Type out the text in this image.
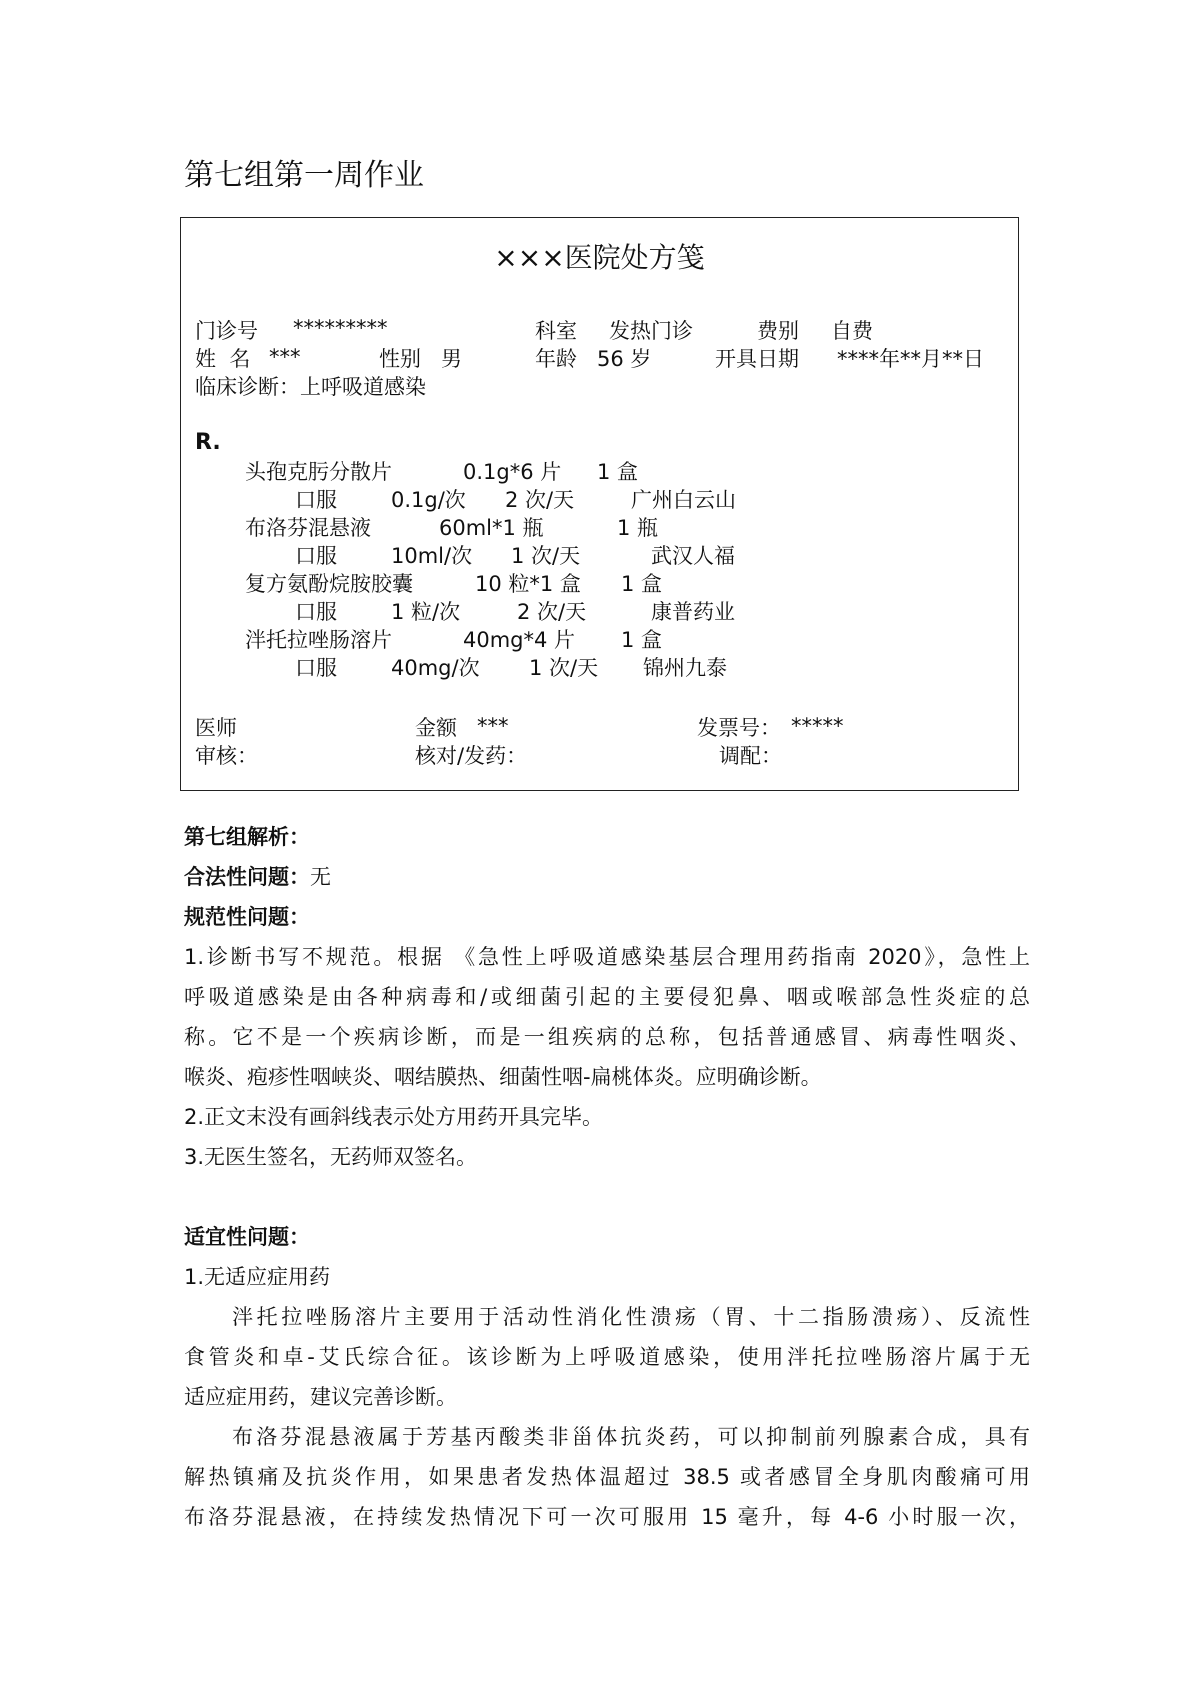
第七组第一周作业
×××医院处方笺
门诊号 *********	科室 发热门诊	费别 自费
姓  名 ***	性别 男	年龄 56 岁	开具日期 ****年**月**日
临床诊断：上呼吸道感染
R.
头孢克肟分散片	0.1g*6 片 1 盒
口服	0.1g/次 2 次/天	广州白云山
布洛芬混悬液	60ml*1 瓶	1 瓶
口服	10ml/次 1 次/天	武汉人福
复方氨酚烷胺胶囊	10 粒*1 盒 1 盒
口服	1 粒/次	2 次/天	康普药业
泮托拉唑肠溶片	40mg*4 片 1 盒
口服	40mg/次 1 次/天 锦州九泰
医师	金额 ***	发票号： *****
审核：	核对/发药：	调配：
第七组解析：
合法性问题：无
规范性问题：
1.诊断书写不规范。根据 《急性上呼吸道感染基层合理用药指南 2020》，急性上
呼吸道感染是由各种病毒和/或细菌引起的主要侵犯鼻、咽或喉部急性炎症的总
称。它不是一个疾病诊断，而是一组疾病的总称，包括普通感冒、病毒性咽炎、
喉炎、疱疹性咽峡炎、咽结膜热、细菌性咽-扁桃体炎。应明确诊断。
2.正文末没有画斜线表示处方用药开具完毕。
3.无医生签名，无药师双签名。
适宜性问题：
1.无适应症用药
泮托拉唑肠溶片主要用于活动性消化性溃疡（胃、十二指肠溃疡）、反流性
食管炎和卓-艾氏综合征。该诊断为上呼吸道感染，使用泮托拉唑肠溶片属于无
适应症用药，建议完善诊断。
布洛芬混悬液属于芳基丙酸类非甾体抗炎药，可以抑制前列腺素合成，具有
解热镇痛及抗炎作用，如果患者发热体温超过 38.5 或者感冒全身肌肉酸痛可用
布洛芬混悬液，在持续发热情况下可一次可服用 15 毫升，每 4-6 小时服一次，
